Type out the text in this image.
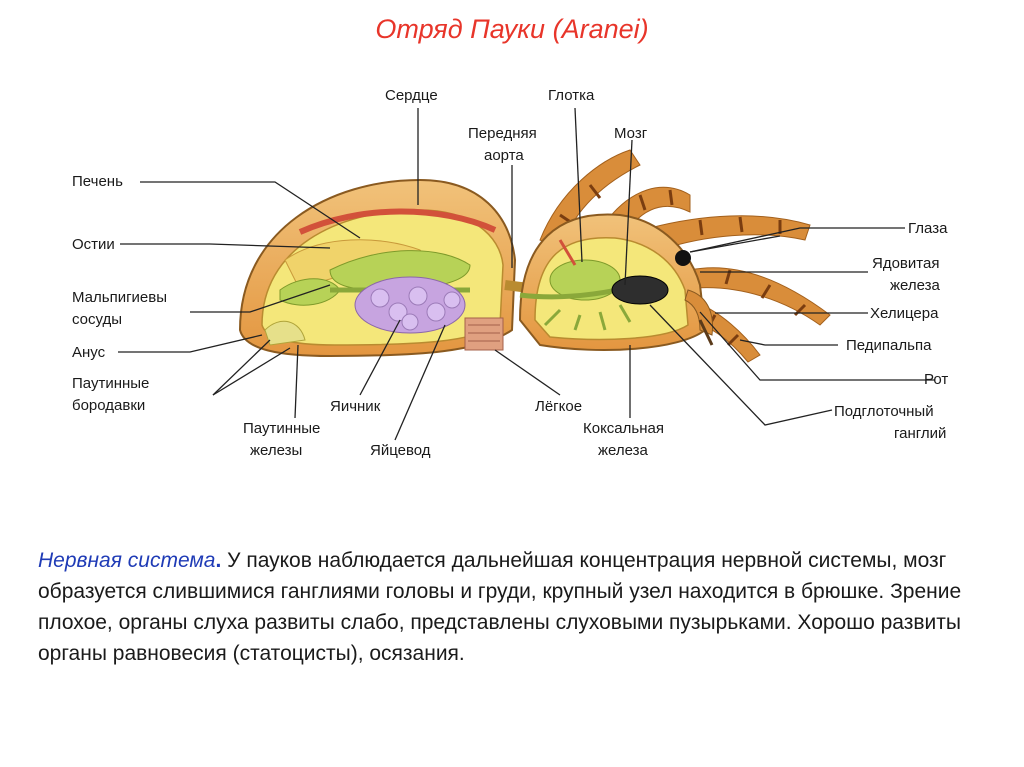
Отряд Пауки (Aranei)
Сердце	Глотка
Передняя
аорта
Мозг
Печень
Остии
Мальпигиевы
сосуды
Анус
Паутинные
бородавки
Паутинные
железы
Яичник
Яйцевод
Лёгкое
Коксальная
железа
Глаза
Ядовитая
железа
Хелицера
Педипальпа
Рот
Подглоточный
ганглий
Нервная система. У пауков наблюдается дальнейшая концентрация нервной системы, мозг образуется слившимися ганглиями головы и груди, крупный узел находится в брюшке. Зрение плохое, органы слуха развиты слабо, представлены слуховыми пузырьками. Хорошо развиты органы равновесия (статоцисты), осязания.
